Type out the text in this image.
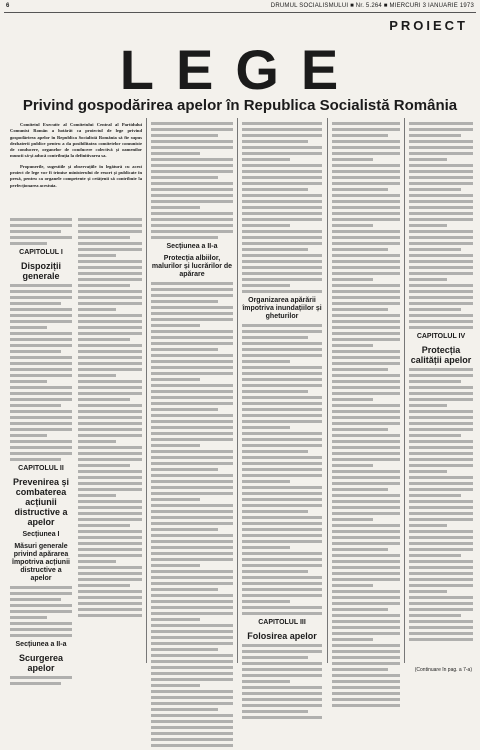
6	DRUMUL SOCIALISMULUI ■ Nr. 5.264 ■ MIERCURI 3 IANUARIE 1973
PROIECT
LEGE
Privind gospodărirea apelor în Republica Socialistă România

Comitetul Executiv al Comitetului Central al Partidului Comunist Român a hotărât ca proiectul de lege privind gospodărirea apelor în Republica Socialistă România să fie supus dezbaterii publice pentru a da posibilitatea comitetelor comuniste de conducere, organelor de conducere colectivă și oamenilor muncii să-și aducă contribuția la definitivarea sa.

Propunerile, sugestiile și observațiile în legătură cu acest proiect de lege vor fi trimise ministerului de resort și publicate în presă, pentru ca organele competente și cetățenii să contribuie la perfecționarea acestuia.

CAPITOLUL I
Dispoziții generale
CAPITOLUL II
Prevenirea și combaterea acțiunii distructive a apelor
Secțiunea I
Măsuri generale privind apărarea împotriva acțiunii distructive a apelor
Secțiunea a II-a
Scurgerea apelor
Secțiunea a II-a
Protecția albiilor, malurilor și lucrărilor de apărare
Organizarea apărării împotriva inundațiilor și gheturilor
CAPITOLUL III
Folosirea apelor
CAPITOLUL IV
Protecția calității apelor
(Continuare în pag. a 7-a)
